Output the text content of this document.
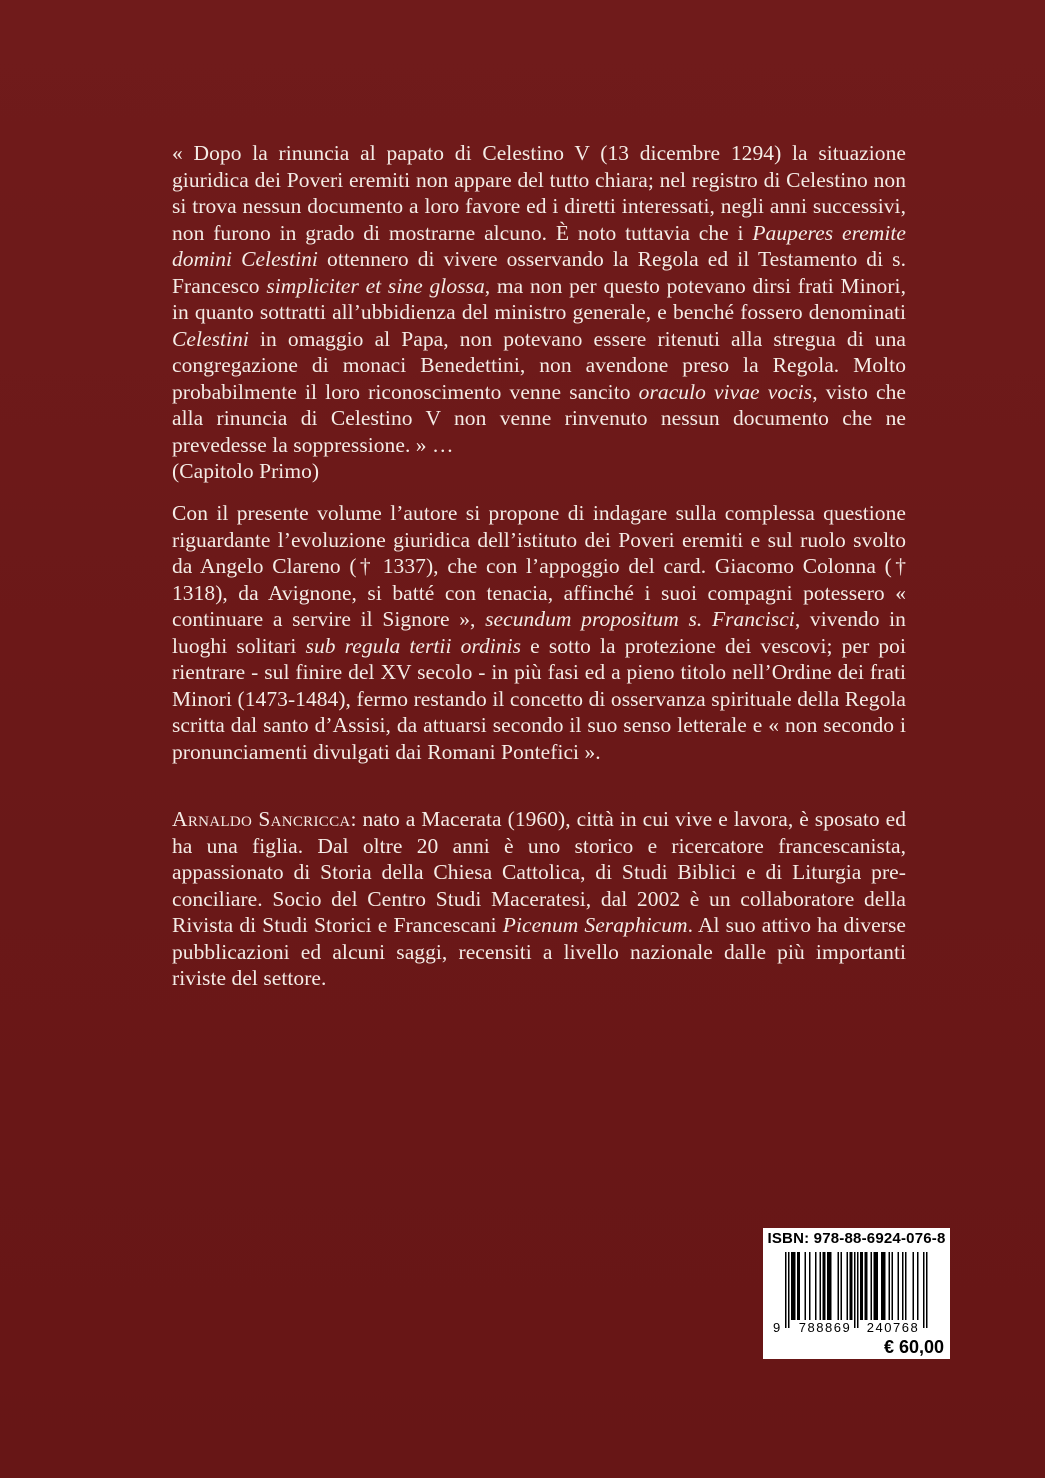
« Dopo la rinuncia al papato di Celestino V (13 dicembre 1294) la situazione giuridica dei Poveri eremiti non appare del tutto chiara; nel registro di Celestino non si trova nessun documento a loro favore ed i diretti interessati, negli anni successivi, non furono in grado di mostrarne alcuno. È noto tuttavia che i Pauperes eremite domini Celestini ottennero di vivere osservando la Regola ed il Testamento di s. Francesco simpliciter et sine glossa, ma non per questo potevano dirsi frati Minori, in quanto sottratti all’ubbidienza del ministro generale, e benché fossero denominati Celestini in omaggio al Papa, non potevano essere ritenuti alla stregua di una congregazione di monaci Benedettini, non avendone preso la Regola. Molto probabilmente il loro riconoscimento venne sancito oraculo vivae vocis, visto che alla rinuncia di Celestino V non venne rinvenuto nessun documento che ne prevedesse la soppressione. » …
(Capitolo Primo)

Con il presente volume l’autore si propone di indagare sulla complessa questione riguardante l’evoluzione giuridica dell’istituto dei Poveri eremiti e sul ruolo svolto da Angelo Clareno († 1337), che con l’appoggio del card. Giacomo Colonna († 1318), da Avignone, si batté con tenacia, affinché i suoi compagni potessero « continuare a servire il Signore », secundum propositum s. Francisci, vivendo in luoghi solitari sub regula tertii ordinis e sotto la protezione dei vescovi; per poi rientrare - sul finire del XV secolo - in più fasi ed a pieno titolo nell’Ordine dei frati Minori (1473-1484), fermo restando il concetto di osservanza spirituale della Regola scritta dal santo d’Assisi, da attuarsi secondo il suo senso letterale e « non secondo i pronunciamenti divulgati dai Romani Pontefici ».

Arnaldo Sancricca: nato a Macerata (1960), città in cui vive e lavora, è sposato ed ha una figlia. Dal oltre 20 anni è uno storico e ricercatore francescanista, appassionato di Storia della Chiesa Cattolica, di Studi Biblici e di Liturgia pre-conciliare. Socio del Centro Studi Maceratesi, dal 2002 è un collaboratore della Rivista di Studi Storici e Francescani Picenum Seraphicum. Al suo attivo ha diverse pubblicazioni ed alcuni saggi, recensiti a livello nazionale dalle più importanti riviste del settore.

ISBN: 978-88-6924-076-8
9 788869 240768
€ 60,00
